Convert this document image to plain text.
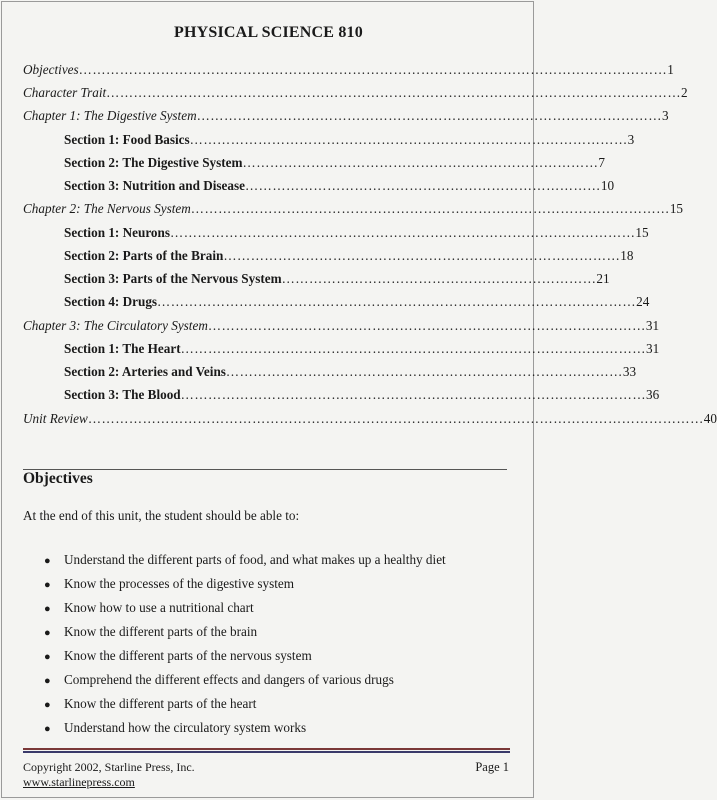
PHYSICAL SCIENCE 810
Objectives ………………………………………………………………………………………………………………… 1
Character Trait ……………………………………………………………………………………………………………… 2
Chapter 1: The Digestive System ………………………………………………………………………………………… 3
Section 1: Food Basics …………………………………………………………………………………… 3
Section 2: The Digestive System …………………………………………………………………… 7
Section 3: Nutrition and Disease …………………………………………………………………… 10
Chapter 2: The Nervous System …………………………………………………………………………………………… 15
Section 1: Neurons ………………………………………………………………………………………… 15
Section 2: Parts of the Brain …………………………………………………………………………… 18
Section 3: Parts of the Nervous System …………………………………………………………… 21
Section 4: Drugs …………………………………………………………………………………………… 24
Chapter 3: The Circulatory System …………………………………………………………………………………… 31
Section 1: The Heart ………………………………………………………………………………………… 31
Section 2: Arteries and Veins …………………………………………………………………………… 33
Section 3: The Blood ………………………………………………………………………………………… 36
Unit Review ……………………………………………………………………………………………………………………… 40
Objectives
At the end of this unit, the student should be able to:
●	Understand the different parts of food, and what makes up a healthy diet
●	Know the processes of the digestive system
●	Know how to use a nutritional chart
●	Know the different parts of the brain
●	Know the different parts of the nervous system
●	Comprehend the different effects and dangers of various drugs
●	Know the different parts of the heart
●	Understand how the circulatory system works
Copyright 2002, Starline Press, Inc.
www.starlinepress.com
Page 1
